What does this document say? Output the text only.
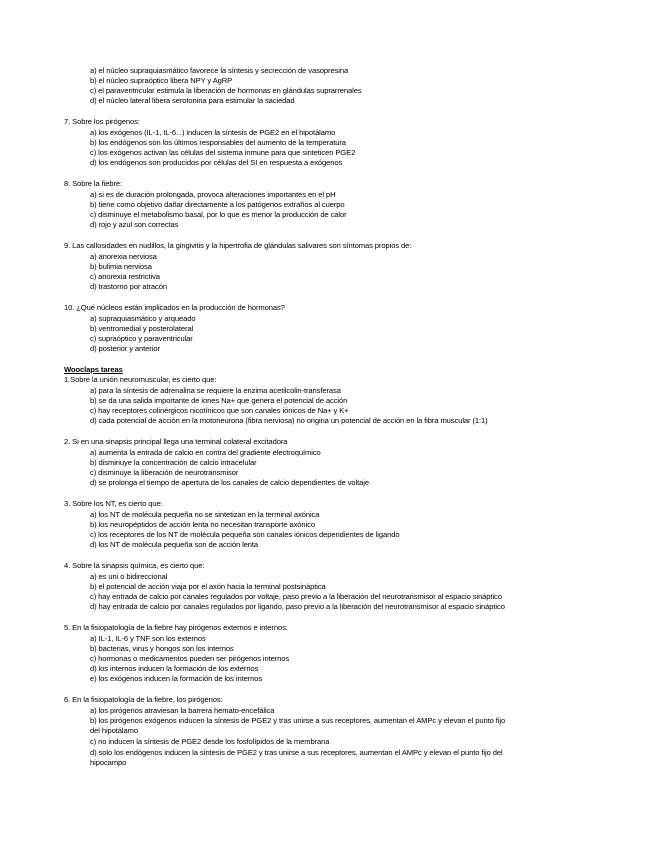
a) el núcleo supraquiasmático favorece la síntesis y secrección de vasopresina
b) el núcleo supraóptico libera NPY y AgRP
c) el paraventricular estimula la liberación de hormonas en glándulas suprarrenales
d) el núcleo lateral libera serotonina para estimular la saciedad
7. Sobre los pirógenos:
a) los exógenos (IL-1, IL-6...) inducen la síntesis de PGE2 en el hipotálamo
b) los endógenos son los últimos responsables del aumento de la temperatura
c) los exógenos activan las células del sistema inmune para que sinteticen PGE2
d) los endógenos son producidos por células del SI en respuesta a exógenos
8. Sobre la fiebre:
a) si es de duración prolongada, provoca alteraciones importantes en el pH
b) tiene como objetivo dañar directamente a los patógenos extraños al cuerpo
c) disminuye el metabolismo basal, por lo que es menor la producción de calor
d) rojo y azul son correctas
9. Las callosidades en nudillos, la gingivitis y la hipertrofia de glándulas salivares son síntomas propios de:
a) anorexia nerviosa
b) bulimia nerviosa
c) anorexia restrictiva
d) trastorno por atracón
10. ¿Qué núcleos están implicados en la producción de hormonas?
a) supraquiasmático y arqueado
b) ventromedial y posterolateral
c) supraóptico y paraventricular
d) posterior y anterior
Wooclaps tareas
1.Sobre la unión neuromuscular, es cierto que:
a) para la síntesis de adrenalina se requiere la enzima acetilcolin-transferasa
b) se da una salida importante de iones Na+ que genera el potencial de acción
c) hay receptores colinérgicos nicotínicos que son canales iónicos de Na+ y K+
d) cada potencial de acción en la motoneurona (fibra nerviosa) no origina un potencial de acción en la fibra muscular (1:1)
2. Si en una sinapsis principal llega una terminal colateral excitadora
a) aumenta la entrada de calcio en contra del gradiente electroquímico
b) disminuye la concentración de calcio intracelular
c) disminuye la liberación de neurotransmisor
d) se prolonga el tiempo de apertura de los canales de calcio dependientes de voltaje
3. Sobre los NT, es cierto que:
a) los NT de molécula pequeña no se sintetizan en la terminal axónica
b) los neuropéptidos de acción lenta no necesitan transporte axónico
c) los receptores de los NT de molécula pequeña son canales iónicos dependientes de ligando
d) los NT de molécula pequeña son de acción lenta
4. Sobre la sinapsis química, es cierto que:
a) es uni o bidireccional
b) el potencial de acción viaja por el axón hacia la terminal postsináptica
c) hay entrada de calcio por canales regulados por voltaje, paso previo a la liberación del neurotransmisor al espacio sináptico
d) hay entrada de calcio por canales regulados por ligando, paso previo a la liberación del neurotransmisor al espacio sináptico
5. En la fisiopatología de la fiebre hay pirógenos externos e internos:
a) IL-1, IL-6 y TNF son los externos
b) bacterias, virus y hongos son los internos
c) hormonas o medicamentos pueden ser pirógenos internos
d) los internos inducen la formación de los externos
e) los exógenos inducen la formación de los internos
6. En la fisiopatología de la fiebre, los pirógenos:
a) los pirógenos atraviesan la barrera hemato-encefálica
b) los pirógenos exógenos inducen la síntesis de PGE2 y tras unirse a sus receptores, aumentan el AMPc y elevan el punto fijo
del hipotálamo
c) no inducen la síntesis de PGE2 desde los fosfolípidos de la membrana
d) solo los endógenos inducen la síntesis de PGE2 y tras unirse a sus receptores, aumentan el AMPc y elevan el punto fijo del
hipocampo
